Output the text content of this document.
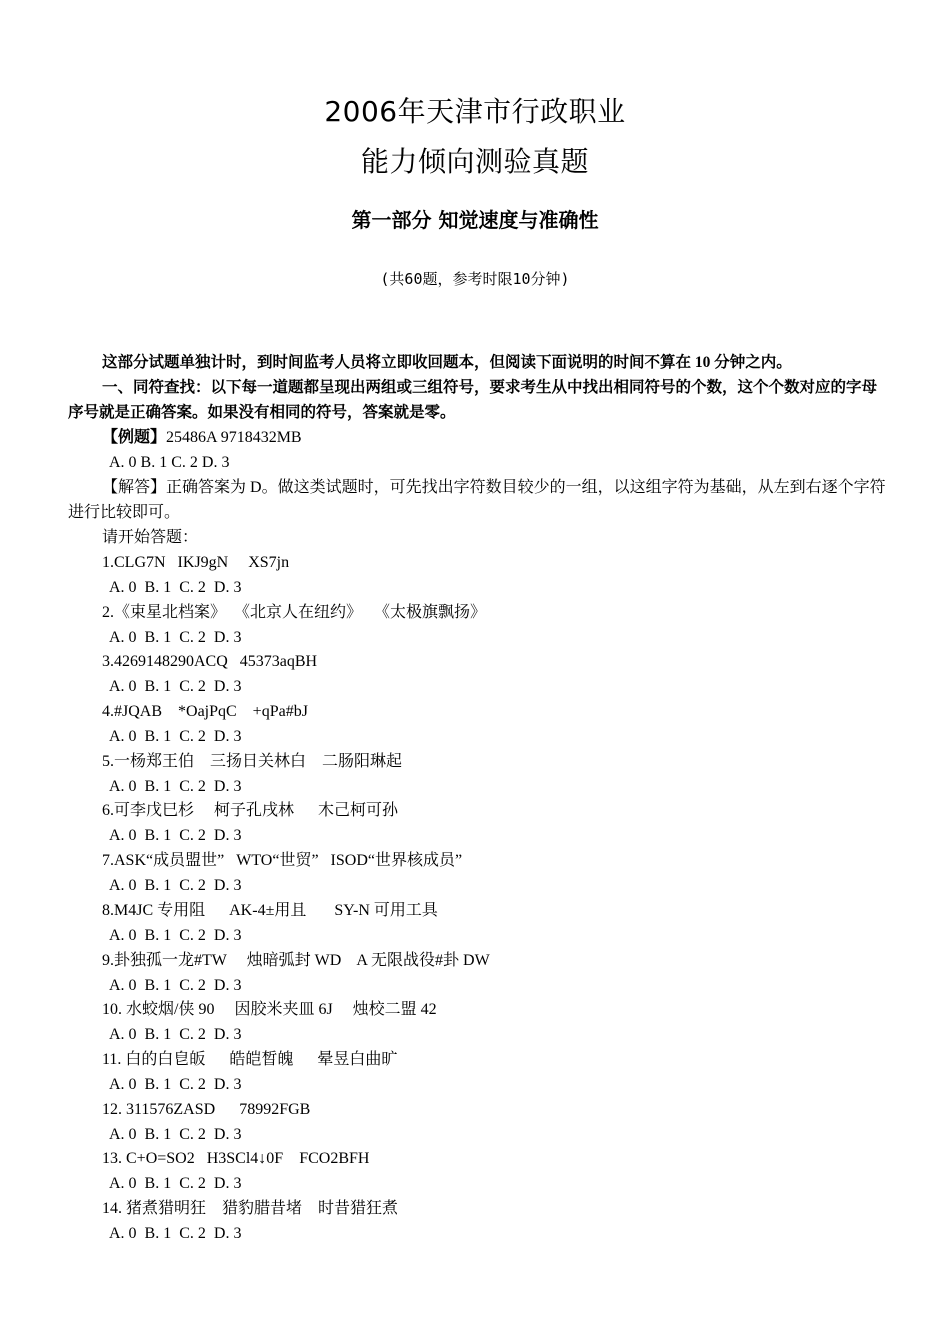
2006年天津市行政职业
能力倾向测验真题
第一部分 知觉速度与准确性
(共60题，参考时限10分钟)
这部分试题单独计时，到时间监考人员将立即收回题本，但阅读下面说明的时间不算在 10 分钟之内。
一、同符查找：以下每一道题都呈现出两组或三组符号，要求考生从中找出相同符号的个数，这个个数对应的字母序号就是正确答案。如果没有相同的符号，答案就是零。
【例题】25486A 9718432MB
A. 0 B. 1 C. 2 D. 3
【解答】正确答案为 D。做这类试题时，可先找出字符数目较少的一组，以这组字符为基础，从左到右逐个字符进行比较即可。
请开始答题：
1.CLG7N   IKJ9gN     XS7jn
A. 0  B. 1  C. 2  D. 3
2.《束星北档案》  《北京人在纽约》   《太极旗飘扬》
A. 0  B. 1  C. 2  D. 3
3.4269148290ACQ   45373aqBH
A. 0  B. 1  C. 2  D. 3
4.#JQAB    *OajPqC    +qPa#bJ
A. 0  B. 1  C. 2  D. 3
5.一杨郑王伯    三扬日关林白    二肠阳琳起
A. 0  B. 1  C. 2  D. 3
6.可李戊巳杉     柯子孔戌林      木己柯可孙
A. 0  B. 1  C. 2  D. 3
7.ASK“成员盟世”   WTO“世贸”   ISOD“世界核成员”
A. 0  B. 1  C. 2  D. 3
8.M4JC 专用阻      AK-4±用且       SY-N 可用工具
A. 0  B. 1  C. 2  D. 3
9.卦独孤一龙#TW     烛暗弧封 WD    A 无限战役#卦 DW
A. 0  B. 1  C. 2  D. 3
10. 水蛟烟/侠 90     因胶米夹皿 6J     烛校二盟 42
A. 0  B. 1  C. 2  D. 3
11. 白的白皀皈      皓皑晳魄      晕昱白曲旷
A. 0  B. 1  C. 2  D. 3
12. 311576ZASD      78992FGB
A. 0  B. 1  C. 2  D. 3
13. C+O=SO2   H3SCl4↓0F    FCO2BFH
A. 0  B. 1  C. 2  D. 3
14. 猪煮猎明狂    猎豹腊昔堵    时昔猎狂煮
A. 0  B. 1  C. 2  D. 3
